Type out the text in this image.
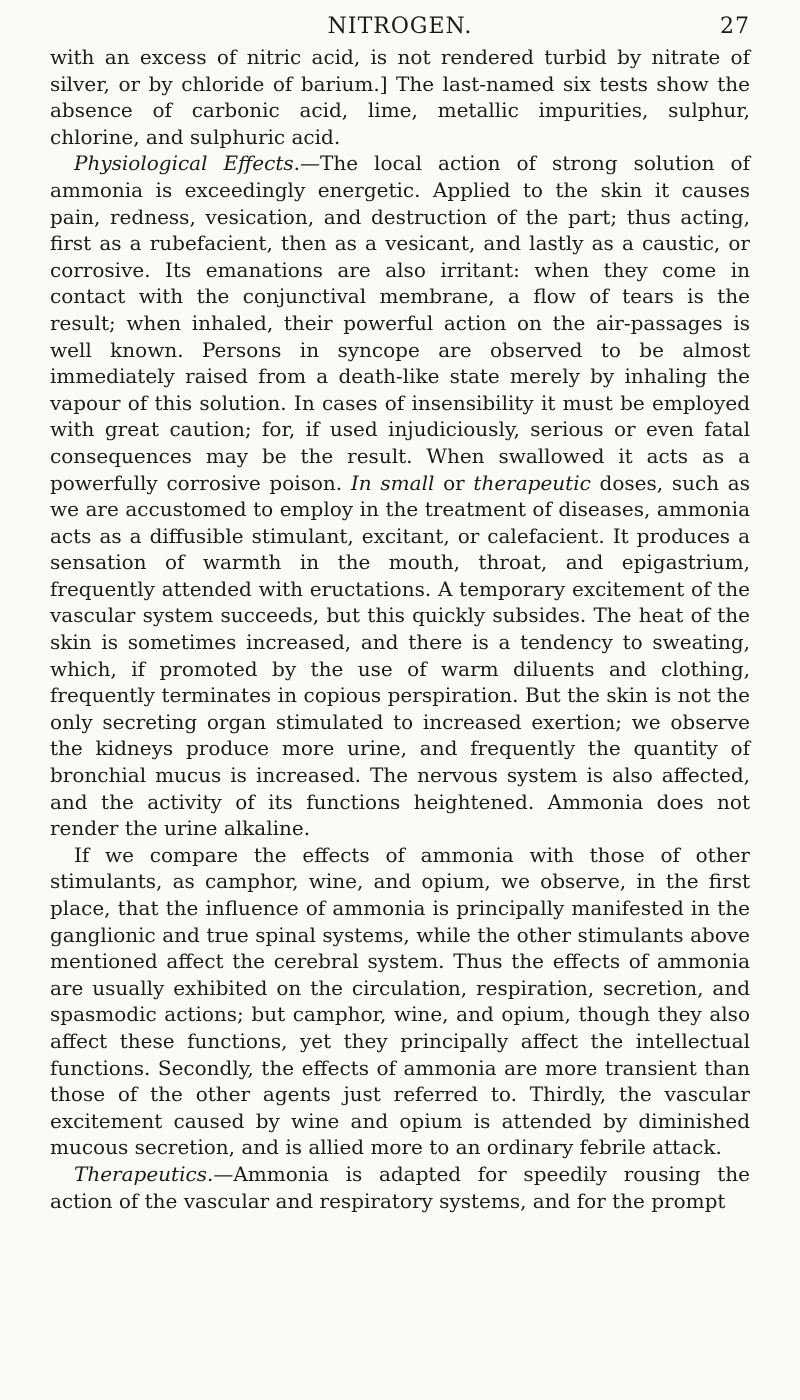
NITROGEN.	27

with an excess of nitric acid, is not rendered turbid by nitrate of silver, or by chloride of barium.] The last-named six tests show the absence of carbonic acid, lime, metallic impurities, sulphur, chlorine, and sulphuric acid.

Physiological Effects.—The local action of strong solution of ammonia is exceedingly energetic. Applied to the skin it causes pain, redness, vesication, and destruction of the part; thus acting, first as a rubefacient, then as a vesicant, and lastly as a caustic, or corrosive. Its emanations are also irritant: when they come in contact with the conjunctival membrane, a flow of tears is the result; when inhaled, their powerful action on the air-passages is well known. Persons in syncope are observed to be almost immediately raised from a death-like state merely by inhaling the vapour of this solution. In cases of insensibility it must be employed with great caution; for, if used injudiciously, serious or even fatal consequences may be the result. When swallowed it acts as a powerfully corrosive poison. In small or therapeutic doses, such as we are accustomed to employ in the treatment of diseases, ammonia acts as a diffusible stimulant, excitant, or calefacient. It produces a sensation of warmth in the mouth, throat, and epigastrium, frequently attended with eructations. A temporary excitement of the vascular system succeeds, but this quickly subsides. The heat of the skin is sometimes increased, and there is a tendency to sweating, which, if promoted by the use of warm diluents and clothing, frequently terminates in copious perspiration. But the skin is not the only secreting organ stimulated to increased exertion; we observe the kidneys produce more urine, and frequently the quantity of bronchial mucus is increased. The nervous system is also affected, and the activity of its functions heightened. Ammonia does not render the urine alkaline.

If we compare the effects of ammonia with those of other stimulants, as camphor, wine, and opium, we observe, in the first place, that the influence of ammonia is principally manifested in the ganglionic and true spinal systems, while the other stimulants above mentioned affect the cerebral system. Thus the effects of ammonia are usually exhibited on the circulation, respiration, secretion, and spasmodic actions; but camphor, wine, and opium, though they also affect these functions, yet they principally affect the intellectual functions. Secondly, the effects of ammonia are more transient than those of the other agents just referred to. Thirdly, the vascular excitement caused by wine and opium is attended by diminished mucous secretion, and is allied more to an ordinary febrile attack.

Therapeutics.—Ammonia is adapted for speedily rousing the action of the vascular and respiratory systems, and for the prompt
